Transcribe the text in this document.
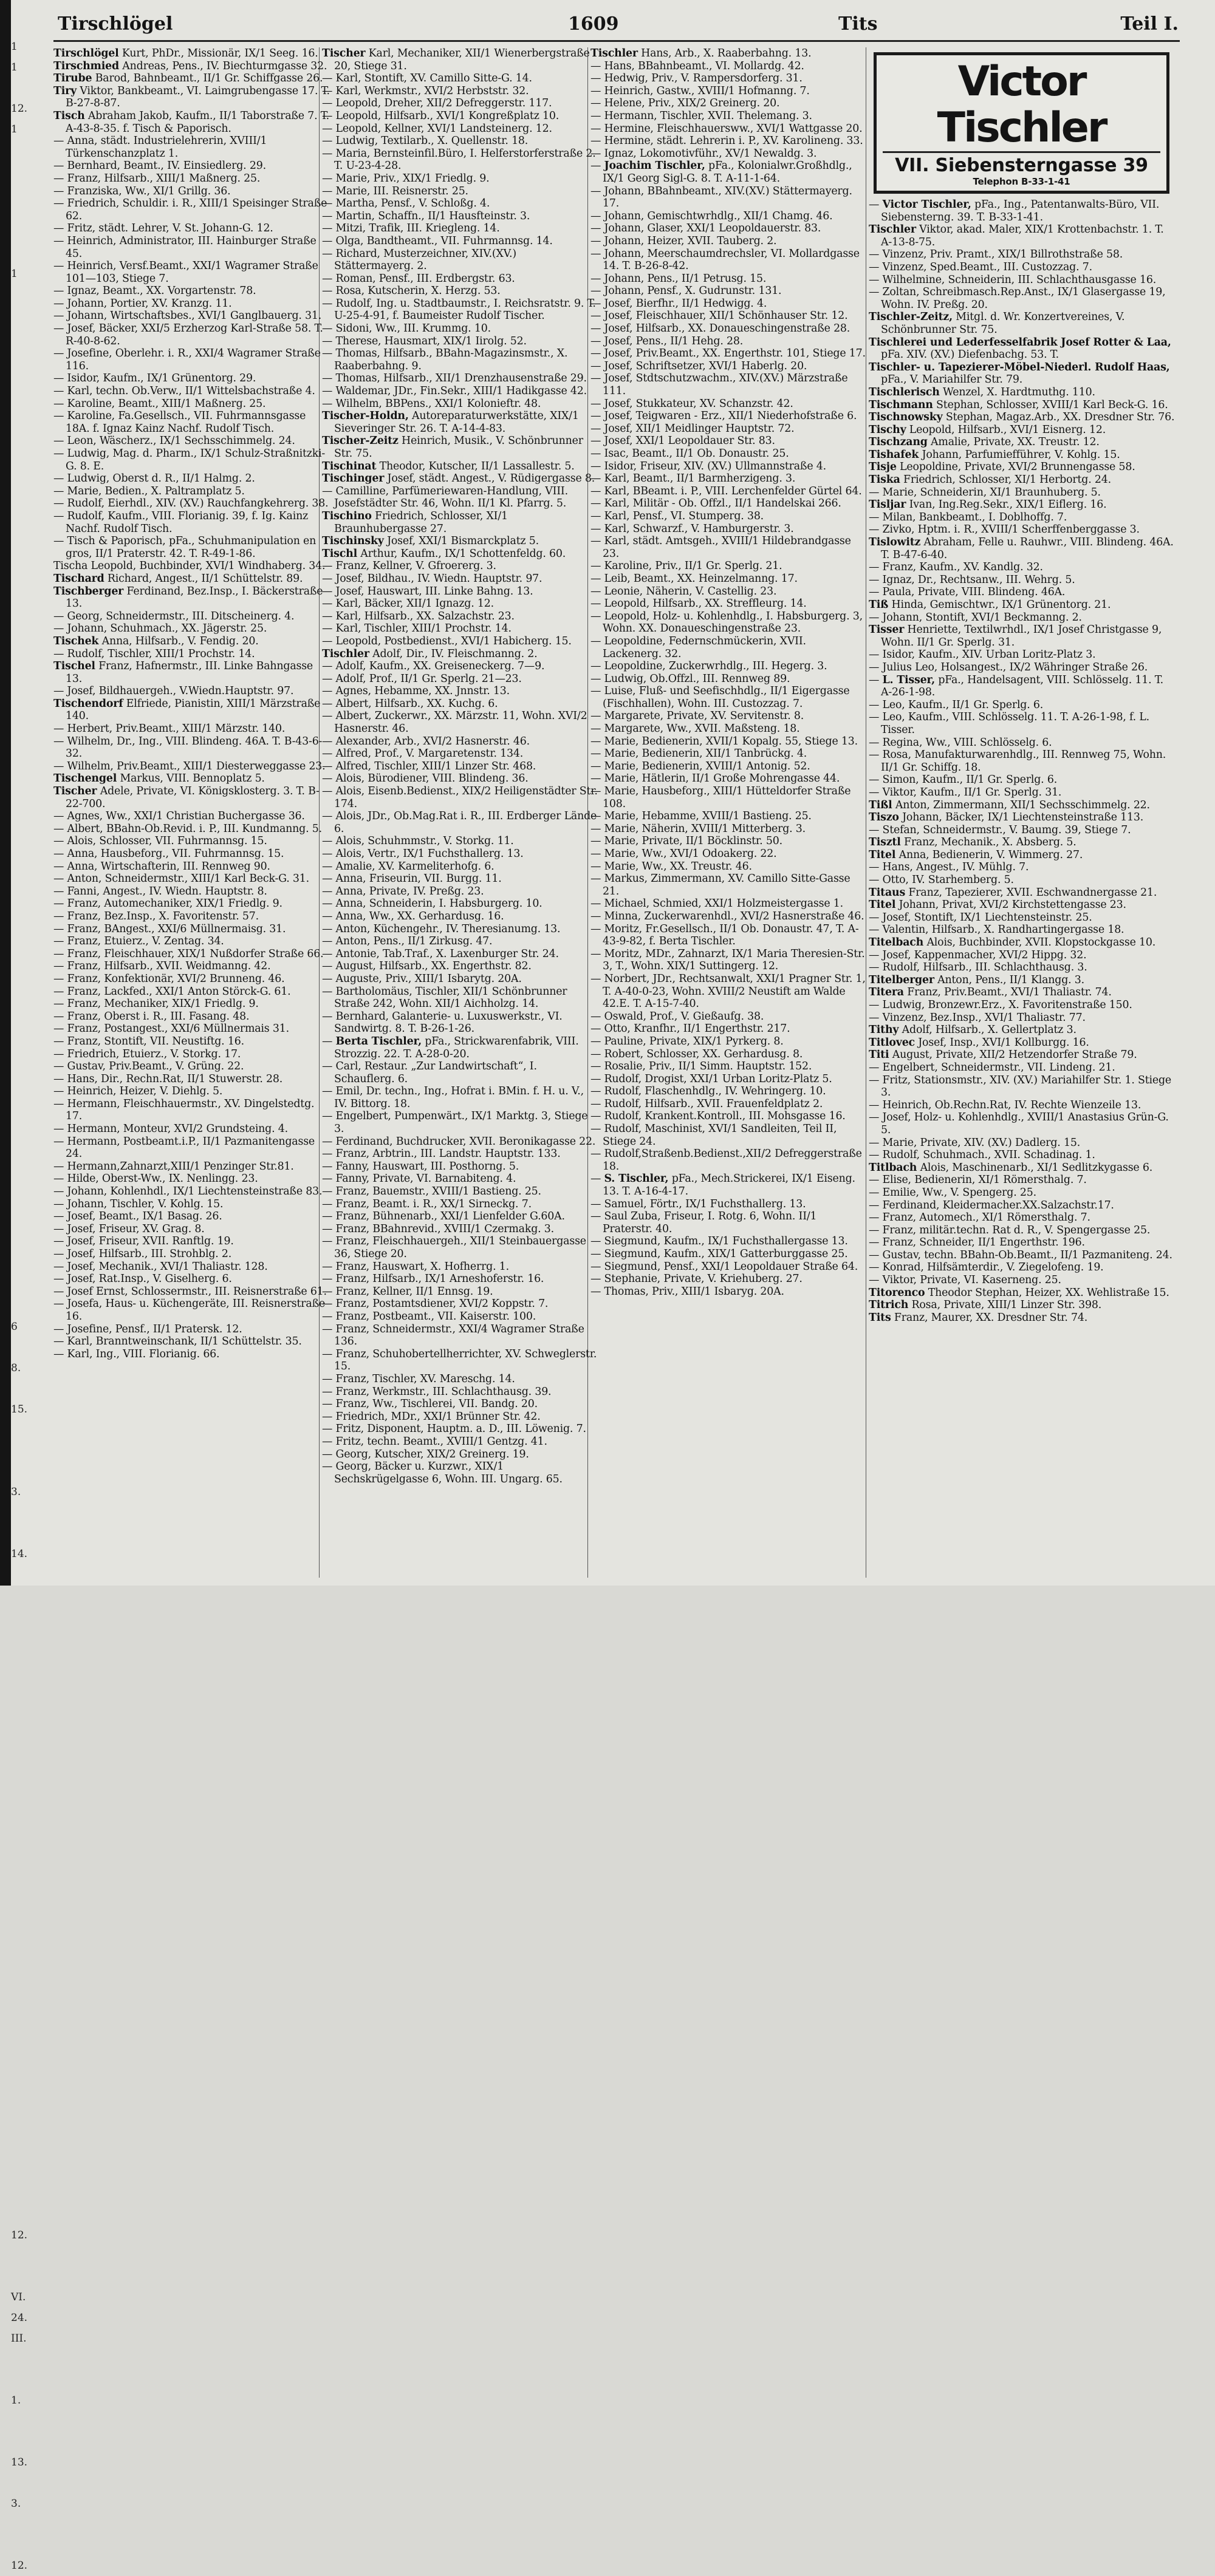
1
1

12.
1

1

6

8.

15.

3.

14.

12.

VI.
24.
III.

1.

13.

3.

12.
Tirschlögel	1609	Tits	Teil I.

Tirschlögel Kurt, PhDr., Missionär, IX/1 Seeg. 16.

Tirschmied Andreas, Pens., IV. Biechturmgasse 32.

Tirube Barod, Bahnbeamt., II/1 Gr. Schiffgasse 26.

Tiry Viktor, Bankbeamt., VI. Laimgrubengasse 17. T. B-27-8-87.

Tisch Abraham Jakob, Kaufm., II/1 Taborstraße 7. T. A-43-8-35. f. Tisch & Paporisch.

— Anna, städt. Industrielehrerin, XVIII/1 Türkenschanzplatz 1.

— Bernhard, Beamt., IV. Einsiedlerg. 29.

— Franz, Hilfsarb., XIII/1 Maßnerg. 25.

— Franziska, Ww., XI/1 Grillg. 36.

— Friedrich, Schuldir. i. R., XIII/1 Speisinger Straße 62.

— Fritz, städt. Lehrer, V. St. Johann-G. 12.

— Heinrich, Administrator, III. Hainburger Straße 45.

— Heinrich, Versf.Beamt., XXI/1 Wagramer Straße 101—103, Stiege 7.

— Ignaz, Beamt., XX. Vorgartenstr. 78.

— Johann, Portier, XV. Kranzg. 11.

— Johann, Wirtschaftsbes., XVI/1 Ganglbauerg. 31.

— Josef, Bäcker, XXI/5 Erzherzog Karl-Straße 58. T. R-40-8-62.

— Josefine, Oberlehr. i. R., XXI/4 Wagramer Straße 116.

— Isidor, Kaufm., IX/1 Grünentorg. 29.

— Karl, techn. Ob.Verw., II/1 Wittelsbachstraße 4.

— Karoline, Beamt., XIII/1 Maßnerg. 25.

— Karoline, Fa.Gesellsch., VII. Fuhrmannsgasse 18A. f. Ignaz Kainz Nachf. Rudolf Tisch.

— Leon, Wäscherz., IX/1 Sechsschimmelg. 24.

— Ludwig, Mag. d. Pharm., IX/1 Schulz-Straßnitzki-G. 8. E.

— Ludwig, Oberst d. R., II/1 Halmg. 2.

— Marie, Bedien., X. Paltramplatz 5.

— Rudolf, Eierhdl., XIV. (XV.) Rauchfangkehrerg. 38.

— Rudolf, Kaufm., VIII. Florianig. 39, f. Ig. Kainz Nachf. Rudolf Tisch.

— Tisch & Paporisch, pFa., Schuhmanipulation en gros, II/1 Praterstr. 42. T. R-49-1-86.

Tischa Leopold, Buchbinder, XVI/1 Windhaberg. 34.

Tischard Richard, Angest., II/1 Schüttelstr. 89.

Tischberger Ferdinand, Bez.Insp., I. Bäckerstraße 13.

— Georg, Schneidermstr., III. Ditscheinerg. 4.

— Johann, Schuhmach., XX. Jägerstr. 25.

Tischek Anna, Hilfsarb., V. Fendig. 20.

— Rudolf, Tischler, XIII/1 Prochstr. 14.

Tischel Franz, Hafnermstr., III. Linke Bahngasse 13.

— Josef, Bildhauergeh., V.Wiedn.Hauptstr. 97.

Tischendorf Elfriede, Pianistin, XIII/1 Märzstraße 140.

— Herbert, Priv.Beamt., XIII/1 Märzstr. 140.

— Wilhelm, Dr., Ing., VIII. Blindeng. 46A. T. B-43-6-32.

— Wilhelm, Priv.Beamt., XIII/1 Diesterweggasse 23.

Tischengel Markus, VIII. Bennoplatz 5.

Tischer Adele, Private, VI. Königsklosterg. 3. T. B-22-700.

— Agnes, Ww., XXI/1 Christian Buchergasse 36.

— Albert, BBahn-Ob.Revid. i. P., III. Kundmanng. 5.

— Alois, Schlosser, VII. Fuhrmannsg. 15.

— Anna, Hausbeforg., VII. Fuhrmannsg. 15.

— Anna, Wirtschafterin, III. Rennweg 90.

— Anton, Schneidermstr., XIII/1 Karl Beck-G. 31.

— Fanni, Angest., IV. Wiedn. Hauptstr. 8.

— Franz, Automechaniker, XIX/1 Friedlg. 9.

— Franz, Bez.Insp., X. Favoritenstr. 57.

— Franz, BAngest., XXI/6 Müllnermaisg. 31.

— Franz, Etuierz., V. Zentag. 34.

— Franz, Fleischhauer, XIX/1 Nußdorfer Straße 66.

— Franz, Hilfsarb., XVII. Weidmanng. 42.

— Franz, Konfektionär, XVI/2 Brunneng. 46.

— Franz, Lackfed., XXI/1 Anton Störck-G. 61.

— Franz, Mechaniker, XIX/1 Friedlg. 9.

— Franz, Oberst i. R., III. Fasang. 48.

— Franz, Postangest., XXI/6 Müllnermais 31.

— Franz, Stontift, VII. Neustiftg. 16.

— Friedrich, Etuierz., V. Storkg. 17.

— Gustav, Priv.Beamt., V. Grüng. 22.

— Hans, Dir., Rechn.Rat, II/1 Stuwerstr. 28.

— Heinrich, Heizer, V. Diehlg. 5.

— Hermann, Fleischhauermstr., XV. Dingelstedtg. 17.

— Hermann, Monteur, XVI/2 Grundsteing. 4.

— Hermann, Postbeamt.i.P., II/1 Pazmanitengasse 24.

— Hermann,Zahnarzt,XIII/1 Penzinger Str.81.

— Hilde, Oberst-Ww., IX. Nenlingg. 23.

— Johann, Kohlenhdl., IX/1 Liechtensteinstraße 83.

— Johann, Tischler, V. Kohlg. 15.

— Josef, Beamt., IX/1 Basag. 26.

— Josef, Friseur, XV. Grag. 8.

— Josef, Friseur, XVII. Ranftlg. 19.

— Josef, Hilfsarb., III. Strohblg. 2.

— Josef, Mechanik., XVI/1 Thaliastr. 128.

— Josef, Rat.Insp., V. Giselherg. 6.

— Josef Ernst, Schlossermstr., III. Reisnerstraße 61.

— Josefa, Haus- u. Küchengeräte, III. Reisnerstraße 16.

— Josefine, Pensf., II/1 Pratersk. 12.

— Karl, Branntweinschank, II/1 Schüttelstr. 35.

— Karl, Ing., VIII. Florianig. 66.

Tischer Karl, Mechaniker, XII/1 Wienerbergstraße 20, Stiege 31.

— Karl, Stontift, XV. Camillo Sitte-G. 14.

— Karl, Werkmstr., XVI/2 Herbststr. 32.

— Leopold, Dreher, XII/2 Defreggerstr. 117.

— Leopold, Hilfsarb., XVI/1 Kongreßplatz 10.

— Leopold, Kellner, XVI/1 Landsteinerg. 12.

— Ludwig, Textilarb., X. Quellenstr. 18.

— Maria, Bernsteinfil.Büro, I. Helferstorferstraße 2. T. U-23-4-28.

— Marie, Priv., XIX/1 Friedlg. 9.

— Marie, III. Reisnerstr. 25.

— Martha, Pensf., V. Schloßg. 4.

— Martin, Schaffn., II/1 Hausfteinstr. 3.

— Mitzi, Trafik, III. Kriegleng. 14.

— Olga, Bandtheamt., VII. Fuhrmannsg. 14.

— Richard, Musterzeichner, XIV.(XV.) Stättermayerg. 2.

— Roman, Pensf., III. Erdbergstr. 63.

— Rosa, Kutscherin, X. Herzg. 53.

— Rudolf, Ing. u. Stadtbaumstr., I. Reichsratstr. 9. T. U-25-4-91, f. Baumeister Rudolf Tischer.

— Sidoni, Ww., III. Krummg. 10.

— Therese, Hausmart, XIX/1 Iirolg. 52.

— Thomas, Hilfsarb., BBahn-Magazinsmstr., X. Raaberbahng. 9.

— Thomas, Hilfsarb., XII/1 Drenzhausenstraße 29.

— Waldemar, JDr., Fin.Sekr., XIII/1 Hadikgasse 42.

— Wilhelm, BBPens., XXI/1 Kolonieftr. 48.

Tischer-Holdn, Autoreparaturwerkstätte, XIX/1 Sieveringer Str. 26. T. A-14-4-83.

Tischer-Zeitz Heinrich, Musik., V. Schönbrunner Str. 75.

Tischinat Theodor, Kutscher, II/1 Lassallestr. 5.

Tischinger Josef, städt. Angest., V. Rüdigergasse 8.

— Camilline, Parfümeriewaren-Handlung, VIII. Josefstädter Str. 46, Wohn. II/1 Kl. Pfarrg. 5.

Tischino Friedrich, Schlosser, XI/1 Braunhubergasse 27.

Tischinsky Josef, XXI/1 Bismarckplatz 5.

Tischl Arthur, Kaufm., IX/1 Schottenfeldg. 60.

— Franz, Kellner, V. Gfroererg. 3.

— Josef, Bildhau., IV. Wiedn. Hauptstr. 97.

— Josef, Hauswart, III. Linke Bahng. 13.

— Karl, Bäcker, XII/1 Ignazg. 12.

— Karl, Hilfsarb., XX. Salzachstr. 23.

— Karl, Tischler, XIII/1 Prochstr. 14.

— Leopold, Postbedienst., XVI/1 Habicherg. 15.

Tischler Adolf, Dir., IV. Fleischmanng. 2.

— Adolf, Kaufm., XX. Greiseneckerg. 7—9.

— Adolf, Prof., II/1 Gr. Sperlg. 21—23.

— Agnes, Hebamme, XX. Jnnstr. 13.

— Albert, Hilfsarb., XX. Kuchg. 6.

— Albert, Zuckerwr., XX. Märzstr. 11, Wohn. XVI/2 Hasnerstr. 46.

— Alexander, Arb., XVI/2 Hasnerstr. 46.

— Alfred, Prof., V. Margaretenstr. 134.

— Alfred, Tischler, XIII/1 Linzer Str. 468.

— Alois, Bürodiener, VIII. Blindeng. 36.

— Alois, Eisenb.Bedienst., XIX/2 Heiligenstädter Str. 174.

— Alois, JDr., Ob.Mag.Rat i. R., III. Erdberger Lände 6.

— Alois, Schuhmmstr., V. Storkg. 11.

— Alois, Vertr., IX/1 Fuchsthallerg. 13.

— Amalie, XV. Karmeliterhofg. 6.

— Anna, Friseurin, VII. Burgg. 11.

— Anna, Private, IV. Preßg. 23.

— Anna, Schneiderin, I. Habsburgerg. 10.

— Anna, Ww., XX. Gerhardusg. 16.

— Anton, Küchengehr., IV. Theresianumg. 13.

— Anton, Pens., II/1 Zirkusg. 47.

— Antonie, Tab.Traf., X. Laxenburger Str. 24.

— August, Hilfsarb., XX. Engerthstr. 82.

— Auguste, Priv., XIII/1 Isbarytg. 20A.

— Bartholomäus, Tischler, XII/1 Schönbrunner Straße 242, Wohn. XII/1 Aichholzg. 14.

— Bernhard, Galanterie- u. Luxuswerkstr., VI. Sandwirtg. 8. T. B-26-1-26.

— Berta Tischler, pFa., Strickwarenfabrik, VIII. Strozzig. 22. T. A-28-0-20.

— Carl, Restaur. „Zur Landwirtschaft“, I. Schauflerg. 6.

— Emil, Dr. techn., Ing., Hofrat i. BMin. f. H. u. V., IV. Bittorg. 18.

— Engelbert, Pumpenwärt., IX/1 Marktg. 3, Stiege 3.

— Ferdinand, Buchdrucker, XVII. Beronikagasse 22.

— Franz, Arbtrin., III. Landstr. Hauptstr. 133.

— Fanny, Hauswart, III. Posthorng. 5.

— Fanny, Private, VI. Barnabiteng. 4.

— Franz, Bauemstr., XVIII/1 Bastieng. 25.

— Franz, Beamt. i. R., XX/1 Sirneckg. 7.

— Franz, Bühnenarb., XXI/1 Lienfelder G.60A.

— Franz, BBahnrevid., XVIII/1 Czermakg. 3.

— Franz, Fleischhauergeh., XII/1 Steinbauergasse 36, Stiege 20.

— Franz, Hauswart, X. Hofherrg. 1.

— Franz, Hilfsarb., IX/1 Arneshoferstr. 16.

— Franz, Kellner, II/1 Ennsg. 19.

— Franz, Postamtsdiener, XVI/2 Koppstr. 7.

— Franz, Postbeamt., VII. Kaiserstr. 100.

— Franz, Schneidermstr., XXI/4 Wagramer Straße 136.

— Franz, Schuhobertellherrichter, XV. Schweglerstr. 15.

— Franz, Tischler, XV. Mareschg. 14.

— Franz, Werkmstr., III. Schlachthausg. 39.

— Franz, Ww., Tischlerei, VII. Bandg. 20.

— Friedrich, MDr., XXI/1 Brünner Str. 42.

— Fritz, Disponent, Hauptm. a. D., III. Löwenig. 7.

— Fritz, techn. Beamt., XVIII/1 Gentzg. 41.

— Georg, Kutscher, XIX/2 Greinerg. 19.

— Georg, Bäcker u. Kurzwr., XIX/1 Sechskrügelgasse 6, Wohn. III. Ungarg. 65.

Tischler Hans, Arb., X. Raaberbahng. 13.

— Hans, BBahnbeamt., VI. Mollardg. 42.

— Hedwig, Priv., V. Rampersdorferg. 31.

— Heinrich, Gastw., XVIII/1 Hofmanng. 7.

— Helene, Priv., XIX/2 Greinerg. 20.

— Hermann, Tischler, XVII. Thelemang. 3.

— Hermine, Fleischhauersww., XVI/1 Wattgasse 20.

— Hermine, städt. Lehrerin i. P., XV. Karolineng. 33.

— Ignaz, Lokomotivführ., XV/1 Newaldg. 3.

— Joachim Tischler, pFa., Kolonialwr.Großhdlg., IX/1 Georg Sigl-G. 8. T. A-11-1-64.

— Johann, BBahnbeamt., XIV.(XV.) Stättermayerg. 17.

— Johann, Gemischtwrhdlg., XII/1 Chamg. 46.

— Johann, Glaser, XXI/1 Leopoldauerstr. 83.

— Johann, Heizer, XVII. Tauberg. 2.

— Johann, Meerschaumdrechsler, VI. Mollardgasse 14. T. B-26-8-42.

— Johann, Pens., II/1 Petrusg. 15.

— Johann, Pensf., X. Gudrunstr. 131.

— Josef, Bierfhr., II/1 Hedwigg. 4.

— Josef, Fleischhauer, XII/1 Schönhauser Str. 12.

— Josef, Hilfsarb., XX. Donaueschingenstraße 28.

— Josef, Pens., II/1 Hehg. 28.

— Josef, Priv.Beamt., XX. Engerthstr. 101, Stiege 17.

— Josef, Schriftsetzer, XVI/1 Haberlg. 20.

— Josef, Stdtschutzwachm., XIV.(XV.) Märzstraße 111.

— Josef, Stukkateur, XV. Schanzstr. 42.

— Josef, Teigwaren - Erz., XII/1 Niederhofstraße 6.

— Josef, XII/1 Meidlinger Hauptstr. 72.

— Josef, XXI/1 Leopoldauer Str. 83.

— Isac, Beamt., II/1 Ob. Donaustr. 25.

— Isidor, Friseur, XIV. (XV.) Ullmannstraße 4.

— Karl, Beamt., II/1 Barmherzigeng. 3.

— Karl, BBeamt. i. P., VIII. Lerchenfelder Gürtel 64.

— Karl, Militär - Ob. Offzl., II/1 Handelskai 266.

— Karl, Pensf., VI. Stumperg. 38.

— Karl, Schwarzf., V. Hamburgerstr. 3.

— Karl, städt. Amtsgeh., XVIII/1 Hildebrandgasse 23.

— Karoline, Priv., II/1 Gr. Sperlg. 21.

— Leib, Beamt., XX. Heinzelmanng. 17.

— Leonie, Näherin, V. Castellig. 23.

— Leopold, Hilfsarb., XX. Streffleurg. 14.

— Leopold, Holz- u. Kohlenhdlg., I. Habsburgerg. 3, Wohn. XX. Donaueschingenstraße 23.

— Leopoldine, Federnschmückerin, XVII. Lackenerg. 32.

— Leopoldine, Zuckerwrhdlg., III. Hegerg. 3.

— Ludwig, Ob.Offzl., III. Rennweg 89.

— Luise, Fluß- und Seefischhdlg., II/1 Eigergasse (Fischhallen), Wohn. III. Custozzag. 7.

— Margarete, Private, XV. Servitenstr. 8.

— Margarete, Ww., XVII. Maßsteng. 18.

— Marie, Bedienerin, XVII/1 Kopalg. 55, Stiege 13.

— Marie, Bedienerin, XII/1 Tanbrückg. 4.

— Marie, Bedienerin, XVIII/1 Antonig. 52.

— Marie, Hätlerin, II/1 Große Mohrengasse 44.

— Marie, Hausbeforg., XIII/1 Hütteldorfer Straße 108.

— Marie, Hebamme, XVIII/1 Bastieng. 25.

— Marie, Näherin, XVIII/1 Mitterberg. 3.

— Marie, Private, II/1 Böcklinstr. 50.

— Marie, Ww., XVI/1 Odoakerg. 22.

— Marie, Ww., XX. Treustr. 46.

— Markus, Zimmermann, XV. Camillo Sitte-Gasse 21.

— Michael, Schmied, XXI/1 Holzmeistergasse 1.

— Minna, Zuckerwarenhdl., XVI/2 Hasnerstraße 46.

— Moritz, Fr.Gesellsch., II/1 Ob. Donaustr. 47, T. A-43-9-82, f. Berta Tischler.

— Moritz, MDr., Zahnarzt, IX/1 Maria Theresien-Str. 3, T., Wohn. XIX/1 Suttingerg. 12.

— Norbert, JDr., Rechtsanwalt, XXI/1 Pragner Str. 1, T. A-40-0-23, Wohn. XVIII/2 Neustift am Walde 42.E. T. A-15-7-40.

— Oswald, Prof., V. Gießaufg. 38.

— Otto, Kranfhr., II/1 Engerthstr. 217.

— Pauline, Private, XIX/1 Pyrkerg. 8.

— Robert, Schlosser, XX. Gerhardusg. 8.

— Rosalie, Priv., II/1 Simm. Hauptstr. 152.

— Rudolf, Drogist, XXI/1 Urban Loritz-Platz 5.

— Rudolf, Flaschenhdlg., IV. Wehringerg. 10.

— Rudolf, Hilfsarb., XVII. Frauenfeldplatz 2.

— Rudolf, Krankent.Kontroll., III. Mohsgasse 16.

— Rudolf, Maschinist, XVI/1 Sandleiten, Teil II, Stiege 24.

— Rudolf,Straßenb.Bedienst.,XII/2 Defreggerstraße 18.

— S. Tischler, pFa., Mech.Strickerei, IX/1 Eiseng. 13. T. A-16-4-17.

— Samuel, Förtr., IX/1 Fuchsthallerg. 13.

— Saul Zuba, Friseur, I. Rotg. 6, Wohn. II/1 Praterstr. 40.

— Siegmund, Kaufm., IX/1 Fuchsthallergasse 13.

— Siegmund, Kaufm., XIX/1 Gatterburggasse 25.

— Siegmund, Pensf., XXI/1 Leopoldauer Straße 64.

— Stephanie, Private, V. Kriehuberg. 27.

— Thomas, Priv., XIII/1 Isbaryg. 20A.

Victor Tischler
VII. Siebensterngasse 39
Telephon B-33-1-41

— Victor Tischler, pFa., Ing., Patentanwalts-Büro, VII. Siebensterng. 39. T. B-33-1-41.

Tischler Viktor, akad. Maler, XIX/1 Krottenbachstr. 1. T. A-13-8-75.

— Vinzenz, Priv. Pramt., XIX/1 Billrothstraße 58.

— Vinzenz, Sped.Beamt., III. Custozzag. 7.

— Wilhelmine, Schneiderin, III. Schlachthausgasse 16.

— Zoltan, Schreibmasch.Rep.Anst., IX/1 Glasergasse 19, Wohn. IV. Preßg. 20.

Tischler-Zeitz, Mitgl. d. Wr. Konzertvereines, V. Schönbrunner Str. 75.

Tischlerei und Lederfesselfabrik Josef Rotter & Laa, pFa. XIV. (XV.) Diefenbachg. 53. T.

Tischler- u. Tapezierer-Möbel-Niederl. Rudolf Haas, pFa., V. Mariahilfer Str. 79.

Tischlerisch Wenzel, X. Hardtmuthg. 110.

Tischmann Stephan, Schlosser, XVIII/1 Karl Beck-G. 16.

Tischnowsky Stephan, Magaz.Arb., XX. Dresdner Str. 76.

Tischy Leopold, Hilfsarb., XVI/1 Eisnerg. 12.

Tischzang Amalie, Private, XX. Treustr. 12.

Tishafek Johann, Parfumiefführer, V. Kohlg. 15.

Tisje Leopoldine, Private, XVI/2 Brunnengasse 58.

Tiska Friedrich, Schlosser, XI/1 Herbortg. 24.

— Marie, Schneiderin, XI/1 Braunhuberg. 5.

Tisljar Ivan, Ing.Reg.Sekr., XIX/1 Eiflerg. 16.

— Milan, Bankbeamt., I. Doblhoffg. 7.

— Zivko, Hptm. i. R., XVIII/1 Scherffenberggasse 3.

Tislowitz Abraham, Felle u. Rauhwr., VIII. Blindeng. 46A. T. B-47-6-40.

— Franz, Kaufm., XV. Kandlg. 32.

— Ignaz, Dr., Rechtsanw., III. Wehrg. 5.

— Paula, Private, VIII. Blindeng. 46A.

Tiß Hinda, Gemischtwr., IX/1 Grünentorg. 21.

— Johann, Stontift, XVI/1 Beckmanng. 2.

Tisser Henriette, Textilwrhdl., IX/1 Josef Christgasse 9, Wohn. II/1 Gr. Sperlg. 31.

— Isidor, Kaufm., XIV. Urban Loritz-Platz 3.

— Julius Leo, Holsangest., IX/2 Währinger Straße 26.

— L. Tisser, pFa., Handelsagent, VIII. Schlösselg. 11. T. A-26-1-98.

— Leo, Kaufm., II/1 Gr. Sperlg. 6.

— Leo, Kaufm., VIII. Schlösselg. 11. T. A-26-1-98, f. L. Tisser.

— Regina, Ww., VIII. Schlösselg. 6.

— Rosa, Manufakturwarenhdlg., III. Rennweg 75, Wohn. II/1 Gr. Schiffg. 18.

— Simon, Kaufm., II/1 Gr. Sperlg. 6.

— Viktor, Kaufm., II/1 Gr. Sperlg. 31.

Tißl Anton, Zimmermann, XII/1 Sechsschimmelg. 22.

Tiszo Johann, Bäcker, IX/1 Liechtensteinstraße 113.

— Stefan, Schneidermstr., V. Baumg. 39, Stiege 7.

Tisztl Franz, Mechanik., X. Absberg. 5.

Titel Anna, Bedienerin, V. Wimmerg. 27.

— Hans, Angest., IV. Mühlg. 7.

— Otto, IV. Starhemberg. 5.

Titaus Franz, Tapezierer, XVII. Eschwandnergasse 21.

Titel Johann, Privat, XVI/2 Kirchstettengasse 23.

— Josef, Stontift, IX/1 Liechtensteinstr. 25.

— Valentin, Hilfsarb., X. Randhartingergasse 18.

Titelbach Alois, Buchbinder, XVII. Klopstockgasse 10.

— Josef, Kappenmacher, XVI/2 Hippg. 32.

— Rudolf, Hilfsarb., III. Schlachthausg. 3.

Titelberger Anton, Pens., II/1 Klangg. 3.

Titera Franz, Priv.Beamt., XVI/1 Thaliastr. 74.

— Ludwig, Bronzewr.Erz., X. Favoritenstraße 150.

— Vinzenz, Bez.Insp., XVI/1 Thaliastr. 77.

Tithy Adolf, Hilfsarb., X. Gellertplatz 3.

Titlovec Josef, Insp., XVI/1 Kollburgg. 16.

Titi August, Private, XII/2 Hetzendorfer Straße 79.

— Engelbert, Schneidermstr., VII. Lindeng. 21.

— Fritz, Stationsmstr., XIV. (XV.) Mariahilfer Str. 1. Stiege 3.

— Heinrich, Ob.Rechn.Rat, IV. Rechte Wienzeile 13.

— Josef, Holz- u. Kohlenhdlg., XVIII/1 Anastasius Grün-G. 5.

— Marie, Private, XIV. (XV.) Dadlerg. 15.

— Rudolf, Schuhmach., XVII. Schadinag. 1.

Titlbach Alois, Maschinenarb., XI/1 Sedlitzkygasse 6.

— Elise, Bedienerin, XI/1 Römersthalg. 7.

— Emilie, Ww., V. Spengerg. 25.

— Ferdinand, Kleidermacher.XX.Salzachstr.17.

— Franz, Automech., XI/1 Römersthalg. 7.

— Franz, militär.techn. Rat d. R., V. Spengergasse 25.

— Franz, Schneider, II/1 Engerthstr. 196.

— Gustav, techn. BBahn-Ob.Beamt., II/1 Pazmaniteng. 24.

— Konrad, Hilfsämterdir., V. Ziegelofeng. 19.

— Viktor, Private, VI. Kaserneng. 25.

Titorenco Theodor Stephan, Heizer, XX. Wehlistraße 15.

Titrich Rosa, Private, XIII/1 Linzer Str. 398.

Tits Franz, Maurer, XX. Dresdner Str. 74.
